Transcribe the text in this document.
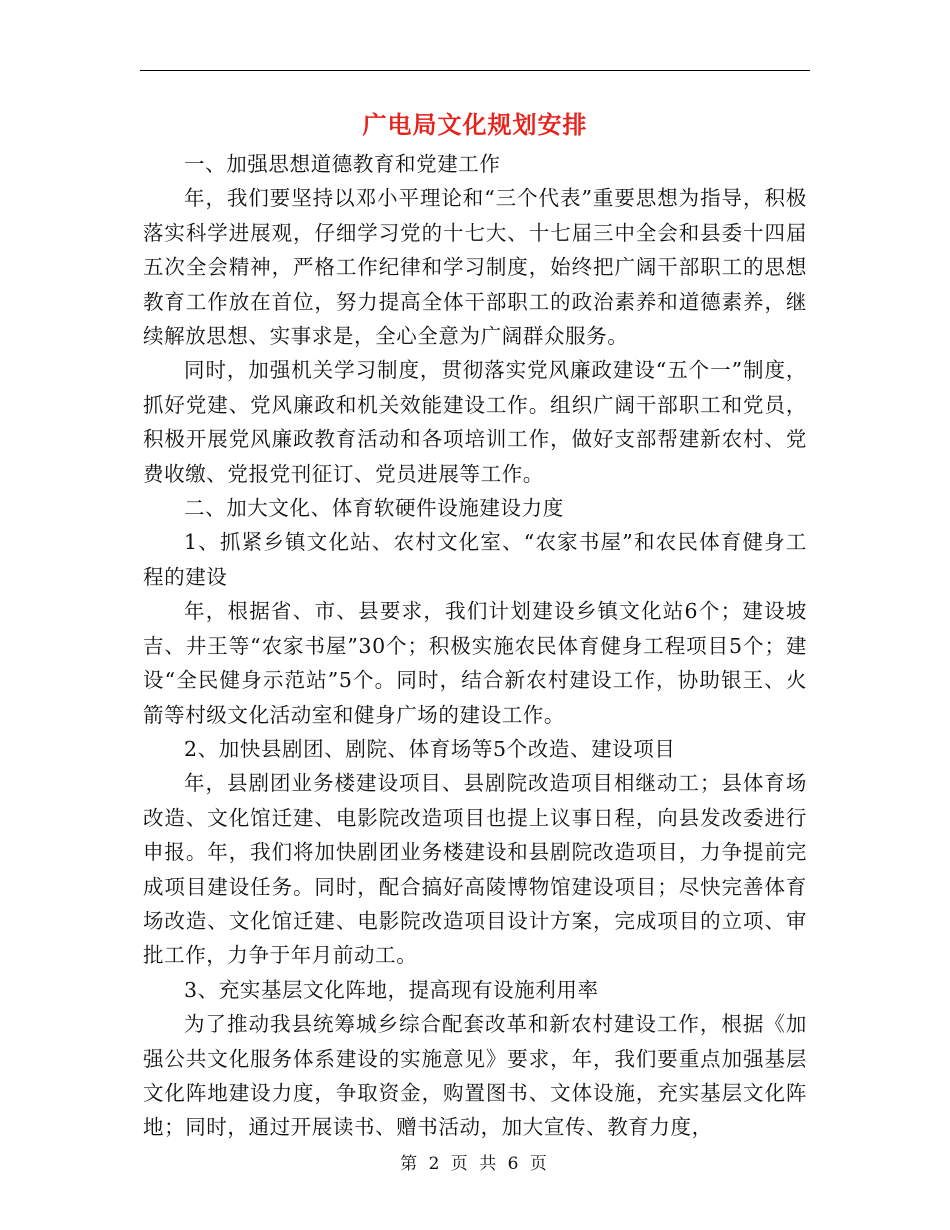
广电局文化规划安排

一、加强思想道德教育和党建工作

年，我们要坚持以邓小平理论和“三个代表”重要思想为指导，积极落实科学进展观，仔细学习党的十七大、十七届三中全会和县委十四届五次全会精神，严格工作纪律和学习制度，始终把广阔干部职工的思想教育工作放在首位，努力提高全体干部职工的政治素养和道德素养，继续解放思想、实事求是，全心全意为广阔群众服务。

同时，加强机关学习制度，贯彻落实党风廉政建设“五个一”制度，抓好党建、党风廉政和机关效能建设工作。组织广阔干部职工和党员，积极开展党风廉政教育活动和各项培训工作，做好支部帮建新农村、党费收缴、党报党刊征订、党员进展等工作。

二、加大文化、体育软硬件设施建设力度

1、抓紧乡镇文化站、农村文化室、“农家书屋”和农民体育健身工程的建设

年，根据省、市、县要求，我们计划建设乡镇文化站6个；建设坡吉、井王等“农家书屋”30个；积极实施农民体育健身工程项目5个；建设“全民健身示范站”5个。同时，结合新农村建设工作，协助银王、火箭等村级文化活动室和健身广场的建设工作。

2、加快县剧团、剧院、体育场等5个改造、建设项目

年，县剧团业务楼建设项目、县剧院改造项目相继动工；县体育场改造、文化馆迁建、电影院改造项目也提上议事日程，向县发改委进行申报。年，我们将加快剧团业务楼建设和县剧院改造项目，力争提前完成项目建设任务。同时，配合搞好高陵博物馆建设项目；尽快完善体育场改造、文化馆迁建、电影院改造项目设计方案，完成项目的立项、审批工作，力争于年月前动工。

3、充实基层文化阵地，提高现有设施利用率

为了推动我县统筹城乡综合配套改革和新农村建设工作，根据《加强公共文化服务体系建设的实施意见》要求，年，我们要重点加强基层文化阵地建设力度，争取资金，购置图书、文体设施，充实基层文化阵地；同时，通过开展读书、赠书活动，加大宣传、教育力度，

第 2 页 共 6 页
